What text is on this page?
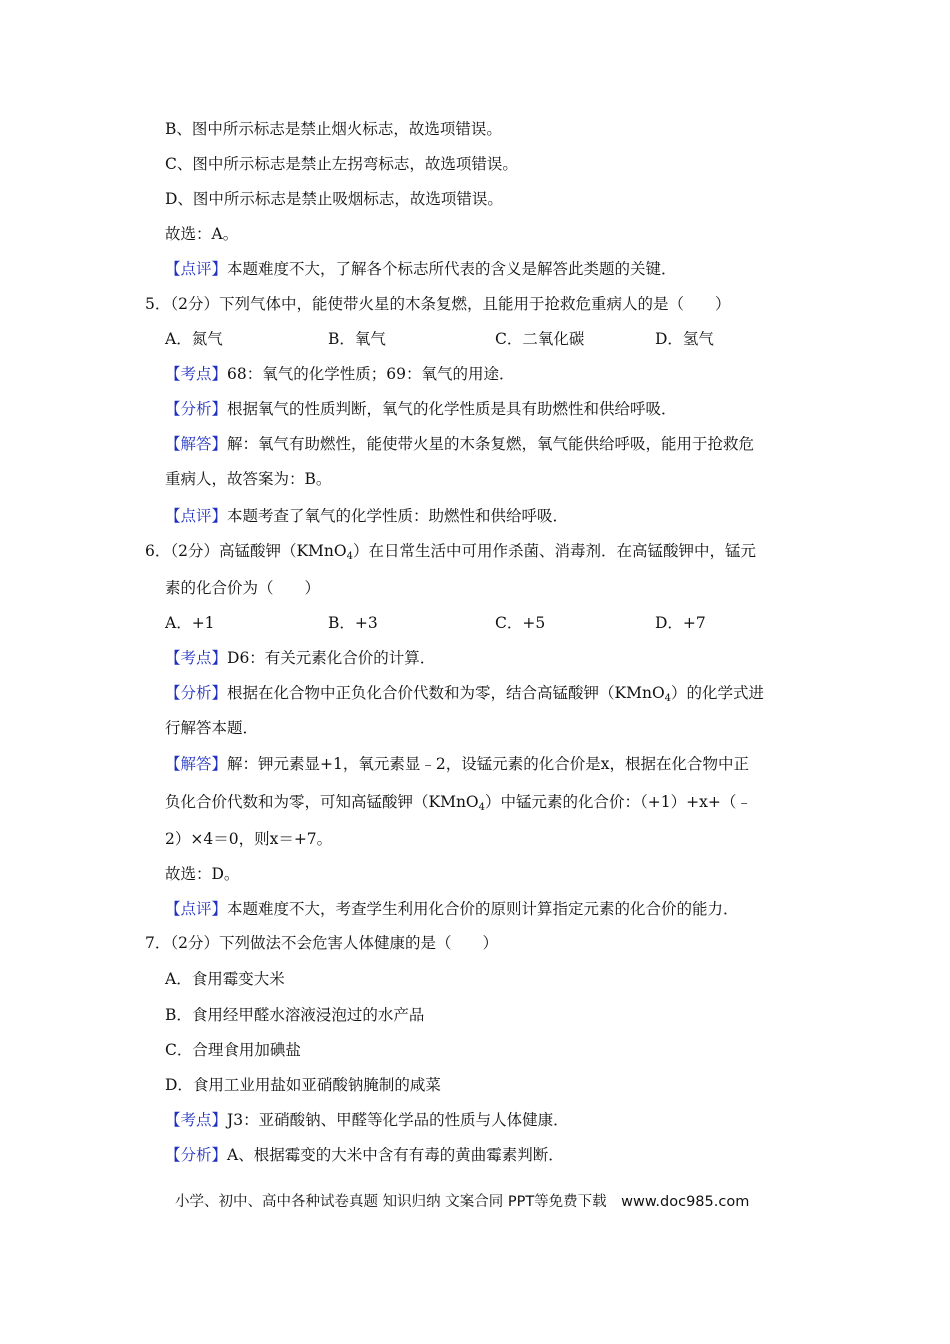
B、图中所示标志是禁止烟火标志，故选项错误。
C、图中所示标志是禁止左拐弯标志，故选项错误。
D、图中所示标志是禁止吸烟标志，故选项错误。
故选：A。
【点评】本题难度不大，了解各个标志所代表的含义是解答此类题的关键．
5．（2分）下列气体中，能使带火星的木条复燃，且能用于抢救危重病人的是（　　）
A．氮气	B．氧气	C．二氧化碳	D．氢气
【考点】68：氧气的化学性质；69：氧气的用途．
【分析】根据氧气的性质判断，氧气的化学性质是具有助燃性和供给呼吸．
【解答】解：氧气有助燃性，能使带火星的木条复燃，氧气能供给呼吸，能用于抢救危
重病人，故答案为：B。
【点评】本题考查了氧气的化学性质：助燃性和供给呼吸．
6．（2分）高锰酸钾（KMnO$_4$）在日常生活中可用作杀菌、消毒剂．在高锰酸钾中，锰元
素的化合价为（　　）
A．+1	B．+3	C．+5	D．+7
【考点】D6：有关元素化合价的计算．
【分析】根据在化合物中正负化合价代数和为零，结合高锰酸钾（KMnO$_4$）的化学式进
行解答本题．
【解答】解：钾元素显+1，氧元素显﹣2，设锰元素的化合价是x，根据在化合物中正
负化合价代数和为零，可知高锰酸钾（KMnO$_4$）中锰元素的化合价：（+1）+x+（﹣
2）×4＝0，则x＝+7。
故选：D。
【点评】本题难度不大，考查学生利用化合价的原则计算指定元素的化合价的能力．
7．（2分）下列做法不会危害人体健康的是（　　）
A．食用霉变大米
B．食用经甲醛水溶液浸泡过的水产品
C．合理食用加碘盐
D．食用工业用盐如亚硝酸钠腌制的咸菜
【考点】J3：亚硝酸钠、甲醛等化学品的性质与人体健康．
【分析】A、根据霉变的大米中含有有毒的黄曲霉素判断．
小学、初中、高中各种试卷真题 知识归纳 文案合同 PPT等免费下载　www.doc985.com
